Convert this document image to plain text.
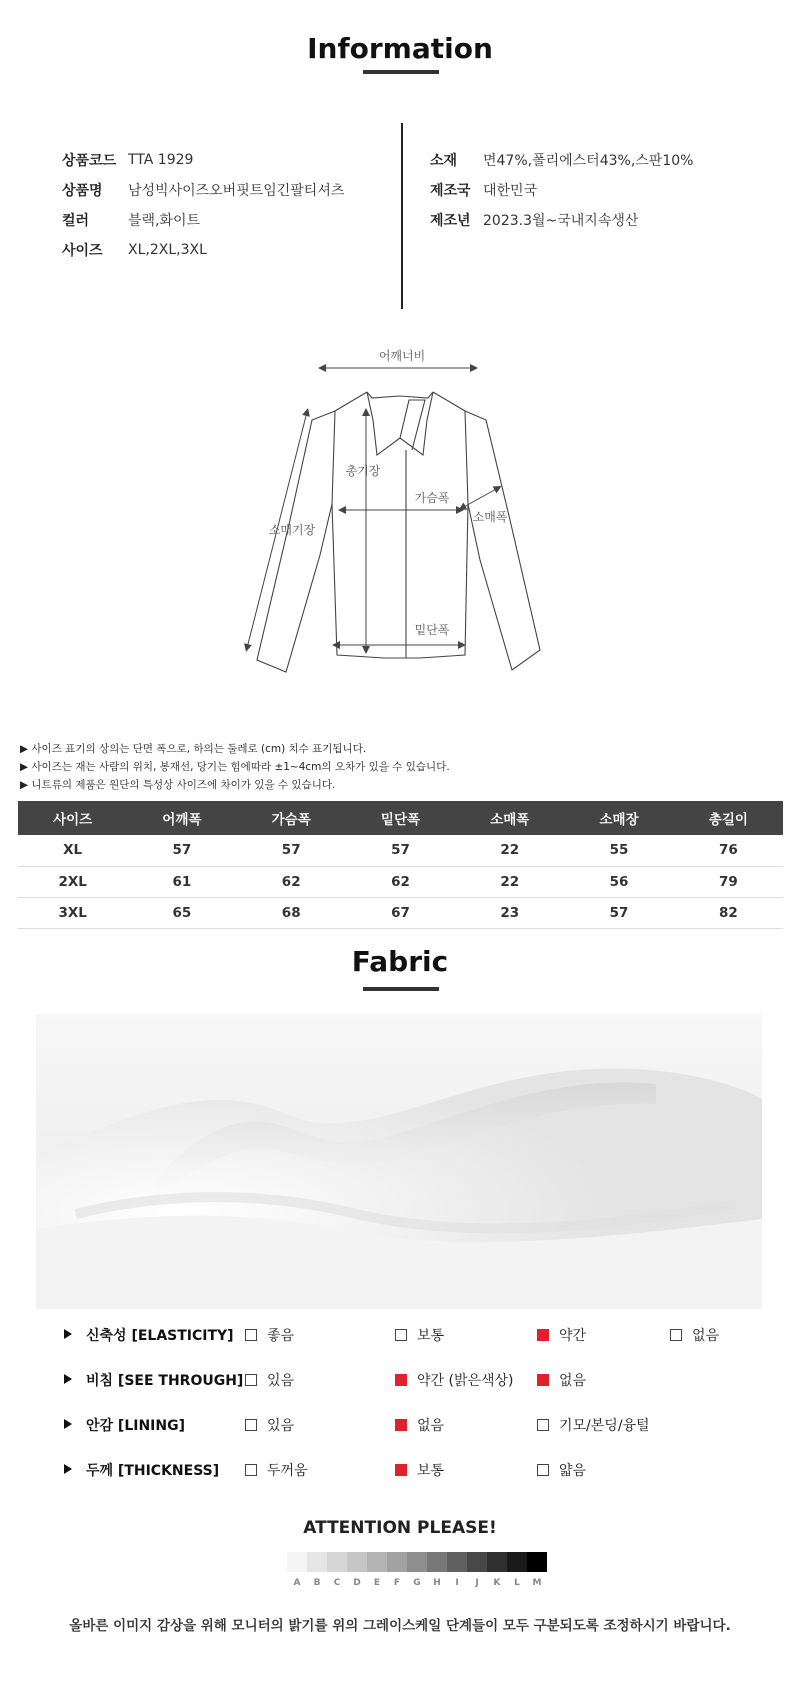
Information
상품코드 TTA 1929
상품명	남성빅사이즈오버핏트임긴팔티셔츠
컬러	블랙,화이트
사이즈	XL,2XL,3XL
소재	면47%,폴리에스터43%,스판10%
제조국 대한민국
제조년 2023.3월~국내지속생산
어깨너비
총기장
가슴폭
소매폭
소매기장
밑단폭
▶ 사이즈 표기의 상의는 단면 폭으로, 하의는 둘레로 (cm) 치수 표기됩니다.
▶ 사이즈는 재는 사람의 위치, 봉재선, 당기는 힘에따라 ±1~4cm의 오차가 있을 수 있습니다.
▶ 니트류의 제품은 원단의 특성상 사이즈에 차이가 있을 수 있습니다.
사이즈	어깨폭	가슴폭	밑단폭	소매폭	소매장	총길이
XL	57	57	57	22	55	76
2XL	61	62	62	22	56	79
3XL	65	68	67	23	57	82
Fabric
신축성 [ELASTICITY]	좋음	보통	약간	없음
비침 [SEE THROUGH]	있음	약간 (밝은색상)	없음
안감 [LINING]	있음	없음	기모/본딩/융털
두께 [THICKNESS]	두꺼움	보통	얇음
ATTENTION PLEASE!
A	B	C	D	E	F	G	H	I	J	K	L	M
올바른 이미지 감상을 위해 모니터의 밝기를 위의 그레이스케일 단계들이 모두 구분되도록 조정하시기 바랍니다.
